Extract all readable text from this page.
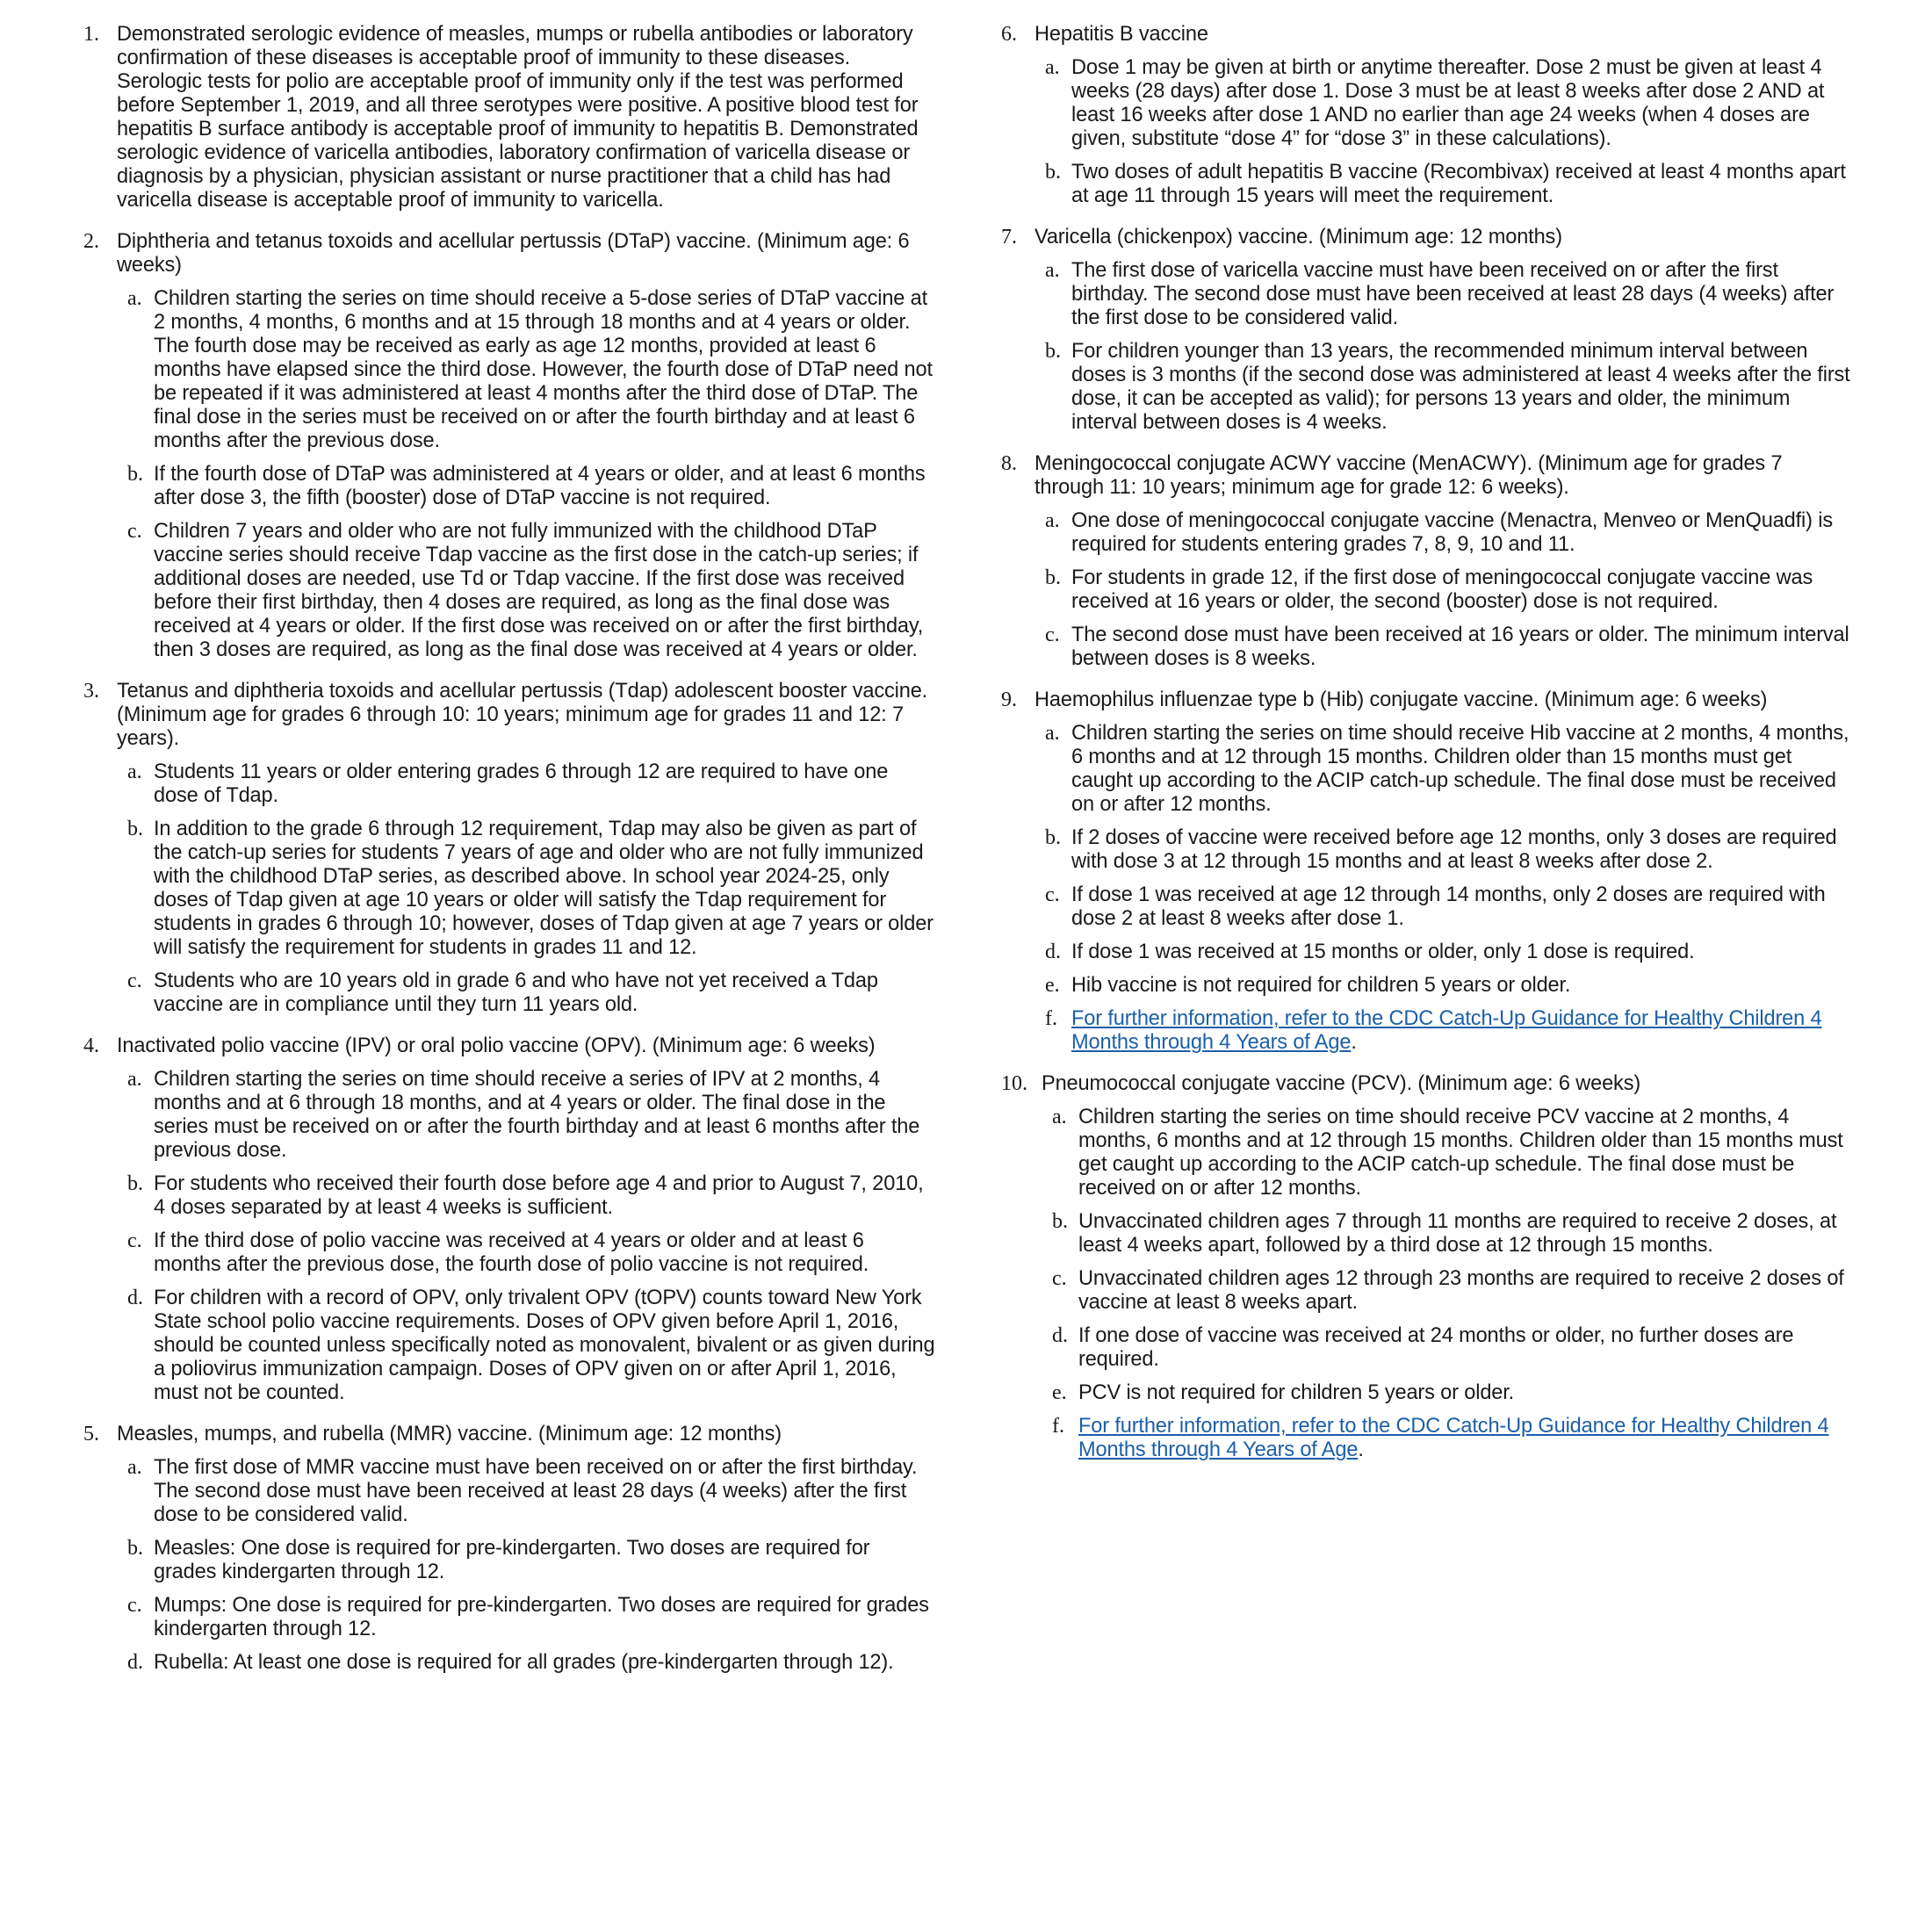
1. Demonstrated serologic evidence of measles, mumps or rubella antibodies or laboratory confirmation of these diseases is acceptable proof of immunity to these diseases. Serologic tests for polio are acceptable proof of immunity only if the test was performed before September 1, 2019, and all three serotypes were positive. A positive blood test for hepatitis B surface antibody is acceptable proof of immunity to hepatitis B. Demonstrated serologic evidence of varicella antibodies, laboratory confirmation of varicella disease or diagnosis by a physician, physician assistant or nurse practitioner that a child has had varicella disease is acceptable proof of immunity to varicella.

2. Diphtheria and tetanus toxoids and acellular pertussis (DTaP) vaccine. (Minimum age: 6 weeks)

a. Children starting the series on time should receive a 5-dose series of DTaP vaccine at 2 months, 4 months, 6 months and at 15 through 18 months and at 4 years or older. The fourth dose may be received as early as age 12 months, provided at least 6 months have elapsed since the third dose. However, the fourth dose of DTaP need not be repeated if it was administered at least 4 months after the third dose of DTaP. The final dose in the series must be received on or after the fourth birthday and at least 6 months after the previous dose.

b. If the fourth dose of DTaP was administered at 4 years or older, and at least 6 months after dose 3, the fifth (booster) dose of DTaP vaccine is not required.

c. Children 7 years and older who are not fully immunized with the childhood DTaP vaccine series should receive Tdap vaccine as the first dose in the catch-up series; if additional doses are needed, use Td or Tdap vaccine. If the first dose was received before their first birthday, then 4 doses are required, as long as the final dose was received at 4 years or older. If the first dose was received on or after the first birthday, then 3 doses are required, as long as the final dose was received at 4 years or older.

3. Tetanus and diphtheria toxoids and acellular pertussis (Tdap) adolescent booster vaccine. (Minimum age for grades 6 through 10: 10 years; minimum age for grades 11 and 12: 7 years).

a. Students 11 years or older entering grades 6 through 12 are required to have one dose of Tdap.

b. In addition to the grade 6 through 12 requirement, Tdap may also be given as part of the catch-up series for students 7 years of age and older who are not fully immunized with the childhood DTaP series, as described above. In school year 2024-25, only doses of Tdap given at age 10 years or older will satisfy the Tdap requirement for students in grades 6 through 10; however, doses of Tdap given at age 7 years or older will satisfy the requirement for students in grades 11 and 12.

c. Students who are 10 years old in grade 6 and who have not yet received a Tdap vaccine are in compliance until they turn 11 years old.

4. Inactivated polio vaccine (IPV) or oral polio vaccine (OPV). (Minimum age: 6 weeks)

a. Children starting the series on time should receive a series of IPV at 2 months, 4 months and at 6 through 18 months, and at 4 years or older. The final dose in the series must be received on or after the fourth birthday and at least 6 months after the previous dose.

b. For students who received their fourth dose before age 4 and prior to August 7, 2010, 4 doses separated by at least 4 weeks is sufficient.

c. If the third dose of polio vaccine was received at 4 years or older and at least 6 months after the previous dose, the fourth dose of polio vaccine is not required.

d. For children with a record of OPV, only trivalent OPV (tOPV) counts toward New York State school polio vaccine requirements. Doses of OPV given before April 1, 2016, should be counted unless specifically noted as monovalent, bivalent or as given during a poliovirus immunization campaign. Doses of OPV given on or after April 1, 2016, must not be counted.

5. Measles, mumps, and rubella (MMR) vaccine. (Minimum age: 12 months)

a. The first dose of MMR vaccine must have been received on or after the first birthday. The second dose must have been received at least 28 days (4 weeks) after the first dose to be considered valid.

b. Measles: One dose is required for pre-kindergarten. Two doses are required for grades kindergarten through 12.

c. Mumps: One dose is required for pre-kindergarten. Two doses are required for grades kindergarten through 12.

d. Rubella: At least one dose is required for all grades (pre-kindergarten through 12).

6. Hepatitis B vaccine

a. Dose 1 may be given at birth or anytime thereafter. Dose 2 must be given at least 4 weeks (28 days) after dose 1. Dose 3 must be at least 8 weeks after dose 2 AND at least 16 weeks after dose 1 AND no earlier than age 24 weeks (when 4 doses are given, substitute “dose 4” for “dose 3” in these calculations).

b. Two doses of adult hepatitis B vaccine (Recombivax) received at least 4 months apart at age 11 through 15 years will meet the requirement.

7. Varicella (chickenpox) vaccine. (Minimum age: 12 months)

a. The first dose of varicella vaccine must have been received on or after the first birthday. The second dose must have been received at least 28 days (4 weeks) after the first dose to be considered valid.

b. For children younger than 13 years, the recommended minimum interval between doses is 3 months (if the second dose was administered at least 4 weeks after the first dose, it can be accepted as valid); for persons 13 years and older, the minimum interval between doses is 4 weeks.

8. Meningococcal conjugate ACWY vaccine (MenACWY). (Minimum age for grades 7 through 11: 10 years; minimum age for grade 12: 6 weeks).

a. One dose of meningococcal conjugate vaccine (Menactra, Menveo or MenQuadfi) is required for students entering grades 7, 8, 9, 10 and 11.

b. For students in grade 12, if the first dose of meningococcal conjugate vaccine was received at 16 years or older, the second (booster) dose is not required.

c. The second dose must have been received at 16 years or older. The minimum interval between doses is 8 weeks.

9. Haemophilus influenzae type b (Hib) conjugate vaccine. (Minimum age: 6 weeks)

a. Children starting the series on time should receive Hib vaccine at 2 months, 4 months, 6 months and at 12 through 15 months. Children older than 15 months must get caught up according to the ACIP catch-up schedule. The final dose must be received on or after 12 months.

b. If 2 doses of vaccine were received before age 12 months, only 3 doses are required with dose 3 at 12 through 15 months and at least 8 weeks after dose 2.

c. If dose 1 was received at age 12 through 14 months, only 2 doses are required with dose 2 at least 8 weeks after dose 1.

d. If dose 1 was received at 15 months or older, only 1 dose is required.

e. Hib vaccine is not required for children 5 years or older.

f. For further information, refer to the CDC Catch-Up Guidance for Healthy Children 4 Months through 4 Years of Age.

10. Pneumococcal conjugate vaccine (PCV). (Minimum age: 6 weeks)

a. Children starting the series on time should receive PCV vaccine at 2 months, 4 months, 6 months and at 12 through 15 months. Children older than 15 months must get caught up according to the ACIP catch-up schedule. The final dose must be received on or after 12 months.

b. Unvaccinated children ages 7 through 11 months are required to receive 2 doses, at least 4 weeks apart, followed by a third dose at 12 through 15 months.

c. Unvaccinated children ages 12 through 23 months are required to receive 2 doses of vaccine at least 8 weeks apart.

d. If one dose of vaccine was received at 24 months or older, no further doses are required.

e. PCV is not required for children 5 years or older.

f. For further information, refer to the CDC Catch-Up Guidance for Healthy Children 4 Months through 4 Years of Age.
